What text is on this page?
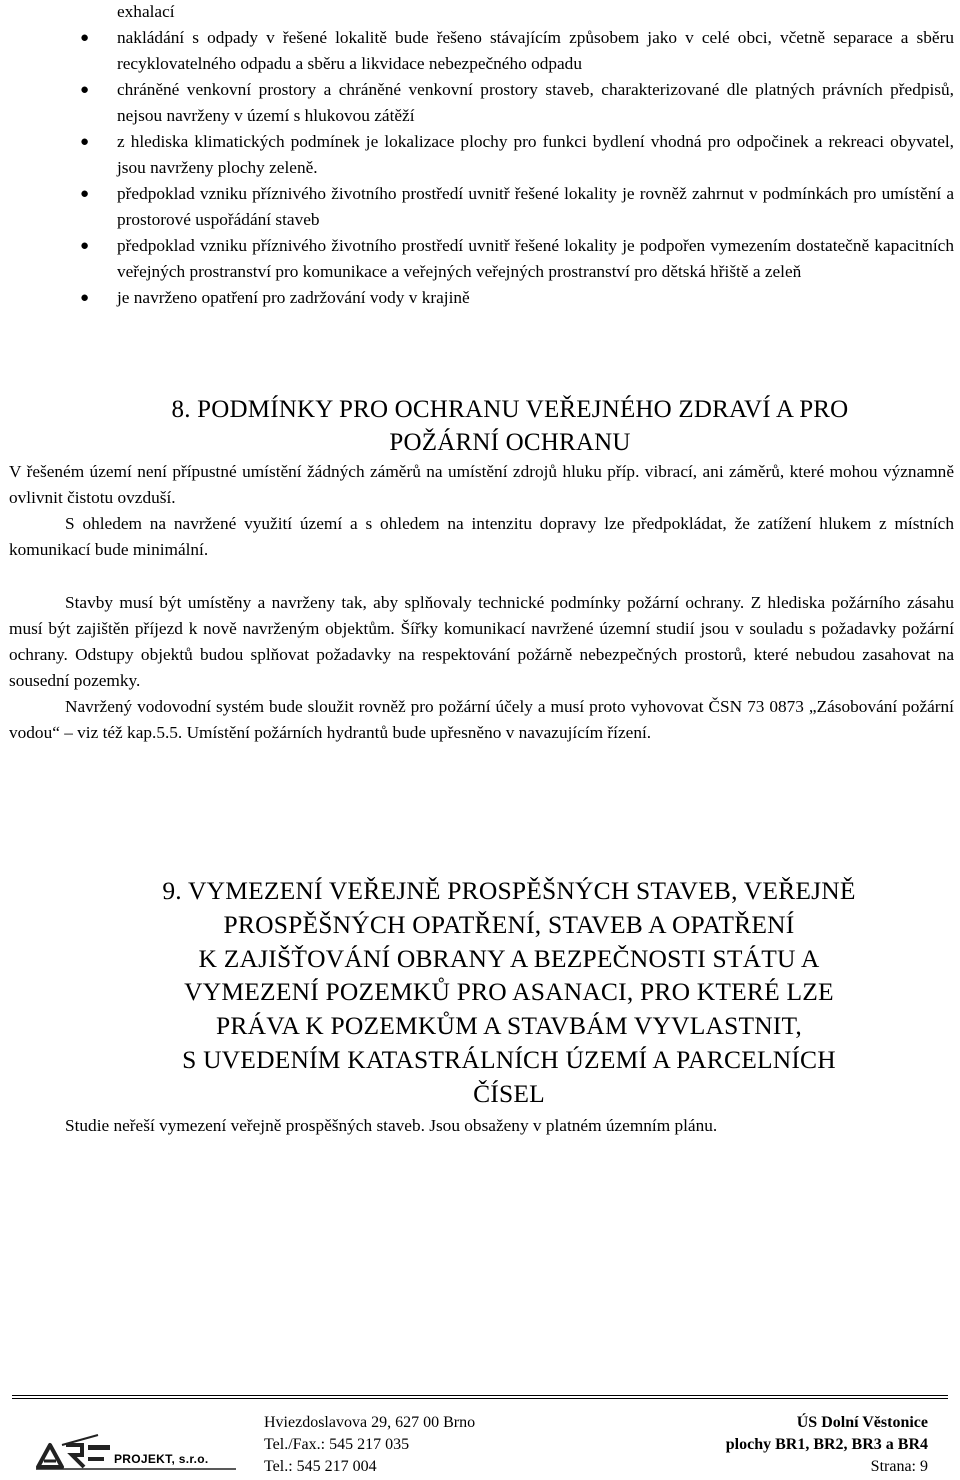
exhalací
● nakládání s odpady v řešené lokalitě bude řešeno stávajícím způsobem jako v celé obci, včetně separace a sběru recyklovatelného odpadu a sběru a likvidace nebezpečného odpadu
● chráněné venkovní prostory a chráněné venkovní prostory staveb, charakterizované dle platných právních předpisů, nejsou navrženy v území s hlukovou zátěží
● z hlediska klimatických podmínek je lokalizace plochy pro funkci bydlení vhodná pro odpočinek a rekreaci obyvatel, jsou navrženy plochy zeleně.
● předpoklad vzniku příznivého životního prostředí uvnitř řešené lokality je rovněž zahrnut v podmínkách pro umístění a prostorové uspořádání staveb
● předpoklad vzniku příznivého životního prostředí uvnitř řešené lokality je podpořen vymezením dostatečně kapacitních veřejných prostranství pro komunikace a veřejných veřejných prostranství pro dětská hřiště a zeleň
● je navrženo opatření pro zadržování vody v krajině
8. PODMÍNKY PRO OCHRANU VEŘEJNÉHO ZDRAVÍ A PRO
POŽÁRNÍ OCHRANU

V řešeném území není přípustné umístění žádných záměrů na umístění zdrojů hluku příp. vibrací, ani záměrů, které mohou významně ovlivnit čistotu ovzduší.

S ohledem na navržené využití území a s ohledem na intenzitu dopravy lze předpokládat, že zatížení hlukem z místních komunikací bude minimální.

Stavby musí být umístěny a navrženy tak, aby splňovaly technické podmínky požární ochrany. Z hlediska požárního zásahu musí být zajištěn příjezd k nově navrženým objektům. Šířky komunikací navržené územní studií jsou v souladu s požadavky požární ochrany. Odstupy objektů budou splňovat požadavky na respektování požárně nebezpečných prostorů, které nebudou zasahovat na sousední pozemky.

Navržený vodovodní systém bude sloužit rovněž pro požární účely a musí proto vyhovovat ČSN 73 0873 „Zásobování požární vodou“ – viz též kap.5.5. Umístění požárních hydrantů bude upřesněno v navazujícím řízení.

9. VYMEZENÍ VEŘEJNĚ PROSPĚŠNÝCH STAVEB, VEŘEJNĚ
PROSPĚŠNÝCH OPATŘENÍ, STAVEB A OPATŘENÍ
K ZAJIŠŤOVÁNÍ OBRANY A BEZPEČNOSTI STÁTU A
VYMEZENÍ POZEMKŮ PRO ASANACI, PRO KTERÉ LZE
PRÁVA K POZEMKŮM A STAVBÁM VYVLASTNIT,
S UVEDENÍM KATASTRÁLNÍCH ÚZEMÍ A PARCELNÍCH
ČÍSEL

Studie neřeší vymezení veřejně prospěšných staveb. Jsou obsaženy v platném územním plánu.

PROJEKT, s.r.o.
Hviezdoslavova 29, 627 00 Brno
Tel./Fax.: 545 217 035
Tel.: 545 217 004
ÚS Dolní Věstonice
plochy BR1, BR2, BR3 a BR4
Strana: 9
